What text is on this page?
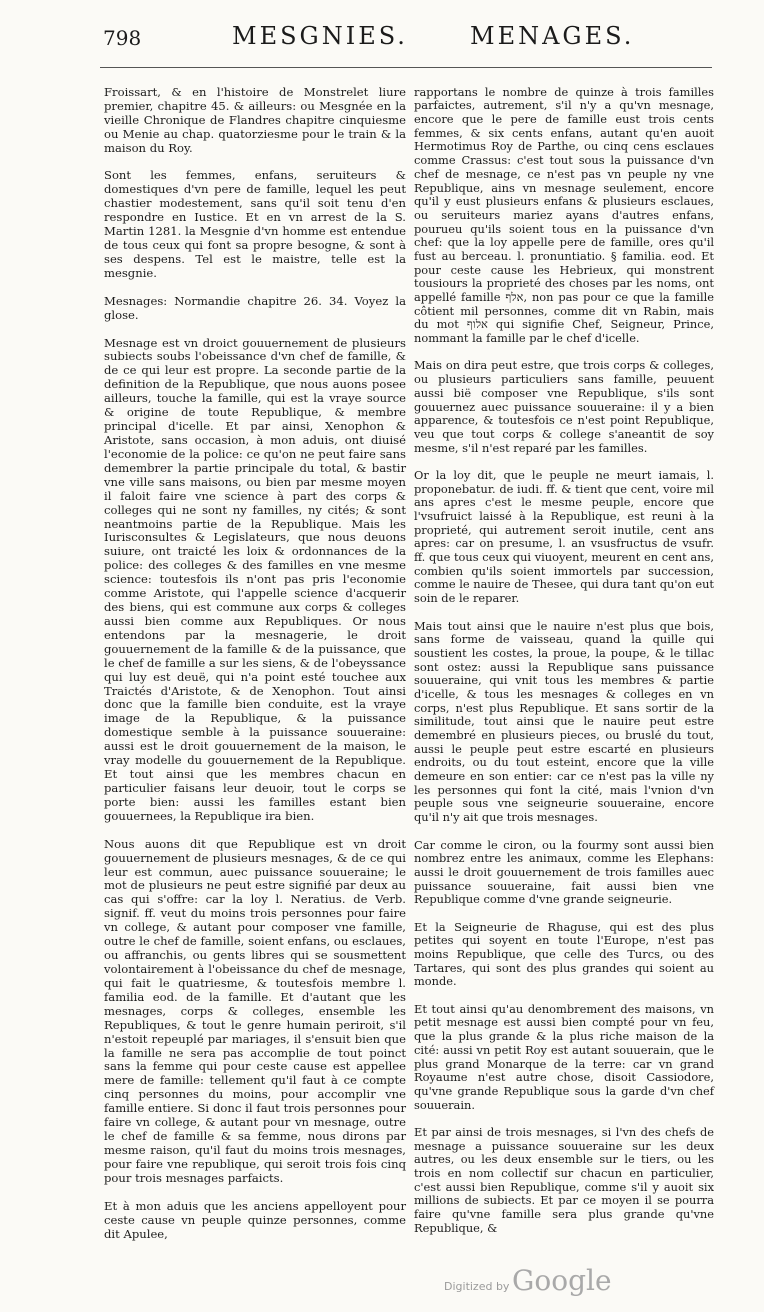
798	MESGNIES.	MENAGES.

Froissart, & en l'histoire de Monstrelet liure premier, chapitre 45. & ailleurs: ou Mesgnée en la vieille Chronique de Flandres chapitre cinquiesme ou Menie au chap. quatorziesme pour le train & la maison du Roy.

Sont les femmes, enfans, seruiteurs & domestiques d'vn pere de famille, lequel les peut chastier modestement, sans qu'il soit tenu d'en respondre en Iustice. Et en vn arrest de la S. Martin 1281. la Mesgnie d'vn homme est entendue de tous ceux qui font sa propre besogne, & sont à ses despens. Tel est le maistre, telle est la mesgnie.

Mesnages: Normandie chapitre 26. 34. Voyez la glose.

Mesnage est vn droict gouuernement de plusieurs subiects soubs l'obeissance d'vn chef de famille, & de ce qui leur est propre. La seconde partie de la definition de la Republique, que nous auons posee ailleurs, touche la famille, qui est la vraye source & origine de toute Republique, & membre principal d'icelle. Et par ainsi, Xenophon & Aristote, sans occasion, à mon aduis, ont diuisé l'economie de la police: ce qu'on ne peut faire sans demembrer la partie principale du total, & bastir vne ville sans maisons, ou bien par mesme moyen il faloit faire vne science à part des corps & colleges qui ne sont ny familles, ny cités; & sont neantmoins partie de la Republique. Mais les Iurisconsultes & Legislateurs, que nous deuons suiure, ont traicté les loix & ordonnances de la police: des colleges & des familles en vne mesme science: toutesfois ils n'ont pas pris l'economie comme Aristote, qui l'appelle science d'acquerir des biens, qui est commune aux corps & colleges aussi bien comme aux Republiques. Or nous entendons par la mesnagerie, le droit gouuernement de la famille & de la puissance, que le chef de famille a sur les siens, & de l'obeyssance qui luy est deuë, qui n'a point esté touchee aux Traictés d'Aristote, & de Xenophon. Tout ainsi donc que la famille bien conduite, est la vraye image de la Republique, & la puissance domestique semble à la puissance souueraine: aussi est le droit gouuernement de la maison, le vray modelle du gouuernement de la Republique. Et tout ainsi que les membres chacun en particulier faisans leur deuoir, tout le corps se porte bien: aussi les familles estant bien gouuernees, la Republique ira bien.

Nous auons dit que Republique est vn droit gouuernement de plusieurs mesnages, & de ce qui leur est commun, auec puissance souueraine; le mot de plusieurs ne peut estre signifié par deux au cas qui s'offre: car la loy l. Neratius. de Verb. signif. ff. veut du moins trois personnes pour faire vn college, & autant pour composer vne famille, outre le chef de famille, soient enfans, ou esclaues, ou affranchis, ou gents libres qui se sousmettent volontairement à l'obeissance du chef de mesnage, qui fait le quatriesme, & toutesfois membre l. familia eod. de la famille. Et d'autant que les mesnages, corps & colleges, ensemble les Republiques, & tout le genre humain periroit, s'il n'estoit repeuplé par mariages, il s'ensuit bien que la famille ne sera pas accomplie de tout poinct sans la femme qui pour ceste cause est appellee mere de famille: tellement qu'il faut à ce compte cinq personnes du moins, pour accomplir vne famille entiere. Si donc il faut trois personnes pour faire vn college, & autant pour vn mesnage, outre le chef de famille & sa femme, nous dirons par mesme raison, qu'il faut du moins trois mesnages, pour faire vne republique, qui seroit trois fois cinq pour trois mesnages parfaicts.

Et à mon aduis que les anciens appelloyent pour ceste cause vn peuple quinze personnes, comme dit Apulee,

rapportans le nombre de quinze à trois familles parfaictes, autrement, s'il n'y a qu'vn mesnage, encore que le pere de famille eust trois cents femmes, & six cents enfans, autant qu'en auoit Hermotimus Roy de Parthe, ou cinq cens esclaues comme Crassus: c'est tout sous la puissance d'vn chef de mesnage, ce n'est pas vn peuple ny vne Republique, ains vn mesnage seulement, encore qu'il y eust plusieurs enfans & plusieurs esclaues, ou seruiteurs mariez ayans d'autres enfans, pourueu qu'ils soient tous en la puissance d'vn chef: que la loy appelle pere de famille, ores qu'il fust au berceau. l. pronuntiatio. § familia. eod. Et pour ceste cause les Hebrieux, qui monstrent tousiours la proprieté des choses par les noms, ont appellé famille אלף, non pas pour ce que la famille côtient mil personnes, comme dit vn Rabin, mais du mot אלוף qui signifie Chef, Seigneur, Prince, nommant la famille par le chef d'icelle.

Mais on dira peut estre, que trois corps & colleges, ou plusieurs particuliers sans famille, peuuent aussi bië composer vne Republique, s'ils sont gouuernez auec puissance souueraine: il y a bien apparence, & toutesfois ce n'est point Republique, veu que tout corps & college s'aneantit de soy mesme, s'il n'est reparé par les familles.

Or la loy dit, que le peuple ne meurt iamais, l. proponebatur. de iudi. ff. & tient que cent, voire mil ans apres c'est le mesme peuple, encore que l'vsufruict laissé à la Republique, est reuni à la proprieté, qui autrement seroit inutile, cent ans apres: car on presume, l. an vsusfructus de vsufr. ff. que tous ceux qui viuoyent, meurent en cent ans, combien qu'ils soient immortels par succession, comme le nauire de Thesee, qui dura tant qu'on eut soin de le reparer.

Mais tout ainsi que le nauire n'est plus que bois, sans forme de vaisseau, quand la quille qui soustient les costes, la proue, la poupe, & le tillac sont ostez: aussi la Republique sans puissance souueraine, qui vnit tous les membres & partie d'icelle, & tous les mesnages & colleges en vn corps, n'est plus Republique. Et sans sortir de la similitude, tout ainsi que le nauire peut estre demembré en plusieurs pieces, ou bruslé du tout, aussi le peuple peut estre escarté en plusieurs endroits, ou du tout esteint, encore que la ville demeure en son entier: car ce n'est pas la ville ny les personnes qui font la cité, mais l'vnion d'vn peuple sous vne seigneurie souueraine, encore qu'il n'y ait que trois mesnages.

Car comme le ciron, ou la fourmy sont aussi bien nombrez entre les animaux, comme les Elephans: aussi le droit gouuernement de trois familles auec puissance souueraine, fait aussi bien vne Republique comme d'vne grande seigneurie.

Et la Seigneurie de Rhaguse, qui est des plus petites qui soyent en toute l'Europe, n'est pas moins Republique, que celle des Turcs, ou des Tartares, qui sont des plus grandes qui soient au monde.

Et tout ainsi qu'au denombrement des maisons, vn petit mesnage est aussi bien compté pour vn feu, que la plus grande & la plus riche maison de la cité: aussi vn petit Roy est autant souuerain, que le plus grand Monarque de la terre: car vn grand Royaume n'est autre chose, disoit Cassiodore, qu'vne grande Republique sous la garde d'vn chef souuerain.

Et par ainsi de trois mesnages, si l'vn des chefs de mesnage a puissance souueraine sur les deux autres, ou les deux ensemble sur le tiers, ou les trois en nom collectif sur chacun en particulier, c'est aussi bien Republique, comme s'il y auoit six millions de subiects. Et par ce moyen il se pourra faire qu'vne famille sera plus grande qu'vne Republique, &

Digitized by Google
